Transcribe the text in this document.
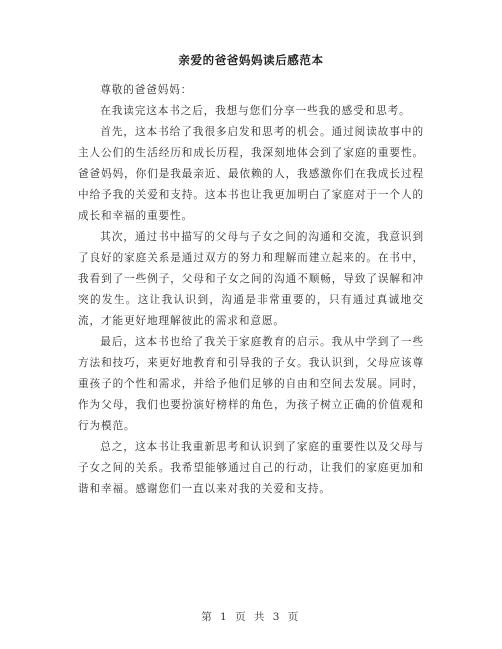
亲爱的爸爸妈妈读后感范本

尊敬的爸爸妈妈：

在我读完这本书之后，我想与您们分享一些我的感受和思考。

首先，这本书给了我很多启发和思考的机会。通过阅读故事中的主人公们的生活经历和成长历程，我深刻地体会到了家庭的重要性。爸爸妈妈，你们是我最亲近、最依赖的人，我感激你们在我成长过程中给予我的关爱和支持。这本书也让我更加明白了家庭对于一个人的成长和幸福的重要性。

其次，通过书中描写的父母与子女之间的沟通和交流，我意识到了良好的家庭关系是通过双方的努力和理解而建立起来的。在书中，我看到了一些例子，父母和子女之间的沟通不顺畅，导致了误解和冲突的发生。这让我认识到，沟通是非常重要的，只有通过真诚地交流，才能更好地理解彼此的需求和意愿。

最后，这本书也给了我关于家庭教育的启示。我从中学到了一些方法和技巧，来更好地教育和引导我的子女。我认识到，父母应该尊重孩子的个性和需求，并给予他们足够的自由和空间去发展。同时，作为父母，我们也要扮演好榜样的角色，为孩子树立正确的价值观和行为模范。

总之，这本书让我重新思考和认识到了家庭的重要性以及父母与子女之间的关系。我希望能够通过自己的行动，让我们的家庭更加和谐和幸福。感谢您们一直以来对我的关爱和支持。

第 1 页 共 3 页
